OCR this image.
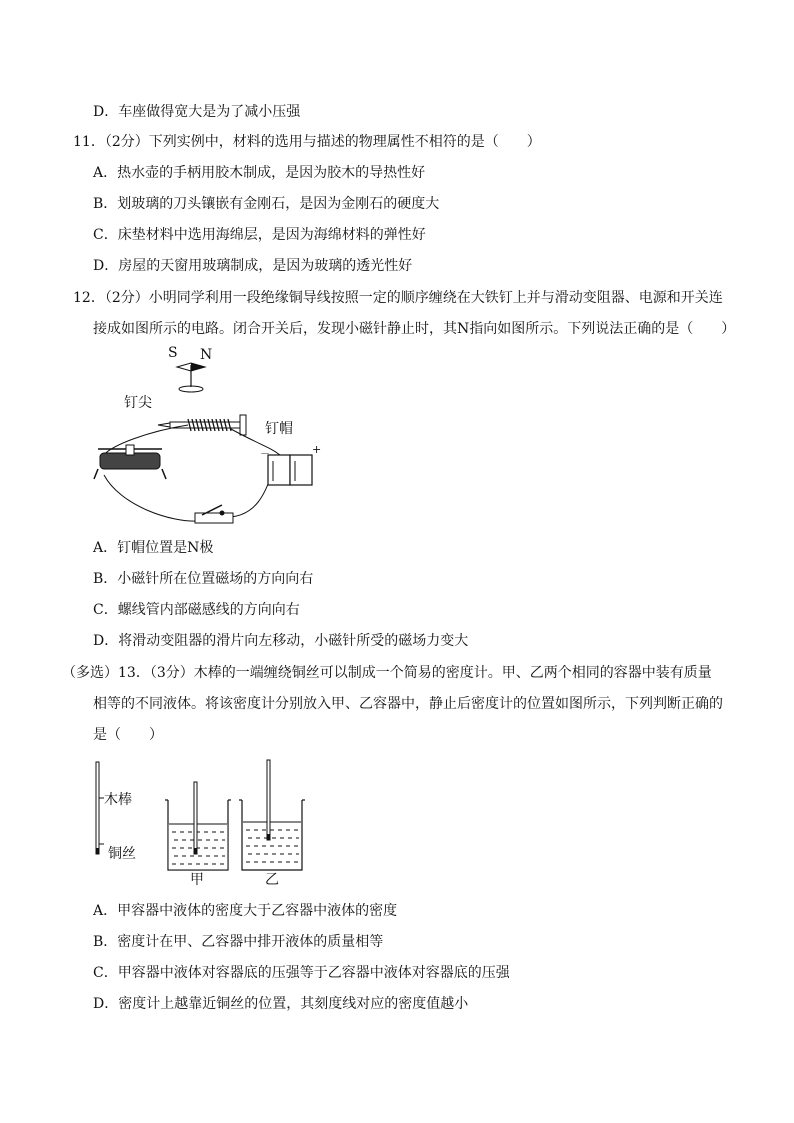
D．车座做得宽大是为了减小压强
11．（2分）下列实例中，材料的选用与描述的物理属性不相符的是（　　）
A．热水壶的手柄用胶木制成，是因为胶木的导热性好
B．划玻璃的刀头镶嵌有金刚石，是因为金刚石的硬度大
C．床垫材料中选用海绵层，是因为海绵材料的弹性好
D．房屋的天窗用玻璃制成，是因为玻璃的透光性好
12．（2分）小明同学利用一段绝缘铜导线按照一定的顺序缠绕在大铁钉上并与滑动变阻器、电源和开关连
接成如图所示的电路。闭合开关后，发现小磁针静止时，其N指向如图所示。下列说法正确的是（　　）
S N
钉尖
钉帽
－	+
A．钉帽位置是N极
B．小磁针所在位置磁场的方向向右
C．螺线管内部磁感线的方向向右
D．将滑动变阻器的滑片向左移动，小磁针所受的磁场力变大
（多选）13．（3分）木棒的一端缠绕铜丝可以制成一个简易的密度计。甲、乙两个相同的容器中装有质量
相等的不同液体。将该密度计分别放入甲、乙容器中，静止后密度计的位置如图所示，下列判断正确的
是（　　）
木棒
铜丝
甲	乙
A．甲容器中液体的密度大于乙容器中液体的密度
B．密度计在甲、乙容器中排开液体的质量相等
C．甲容器中液体对容器底的压强等于乙容器中液体对容器底的压强
D．密度计上越靠近铜丝的位置，其刻度线对应的密度值越小
